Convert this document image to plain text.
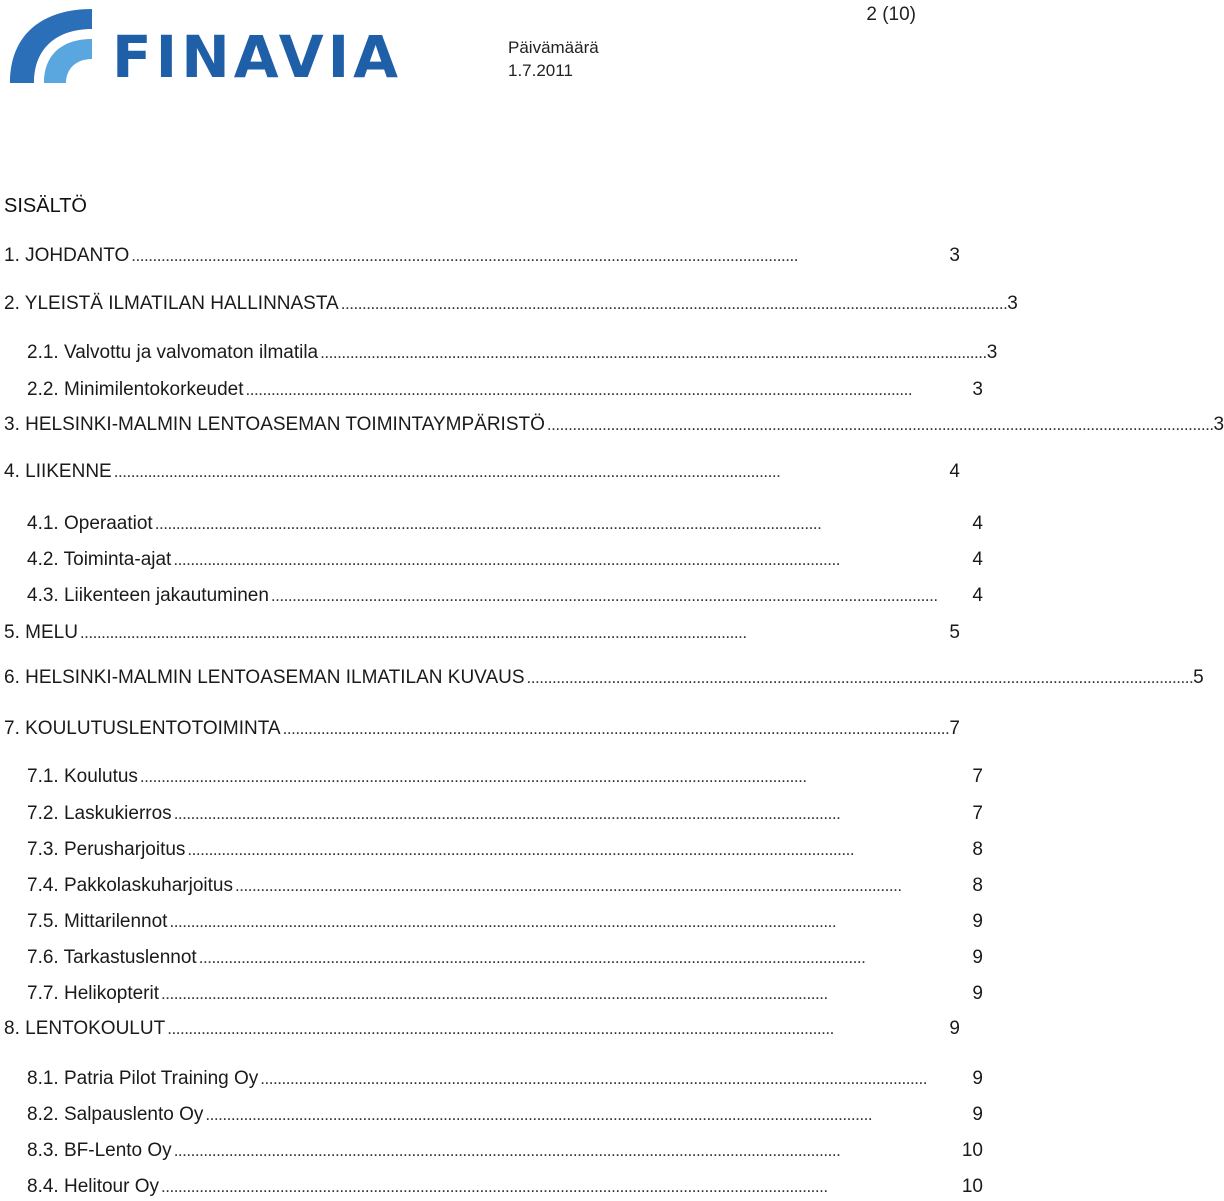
FINAVIA
2 (10)
Päivämäärä
1.7.2011
SISÄLTÖ
1. JOHDANTO . . .	3
2. YLEISTÄ ILMATILAN HALLINNASTA . . .	3
2.1. Valvottu ja valvomaton ilmatila . . .	3
2.2. Minimilentokorkeudet . . .	3
3. HELSINKI-MALMIN LENTOASEMAN TOIMINTAYMPÄRISTÖ . . .	3
4. LIIKENNE . . .	4
4.1. Operaatiot . . .	4
4.2. Toiminta-ajat . . .	4
4.3. Liikenteen jakautuminen . . .	4
5. MELU . . .	5
6. HELSINKI-MALMIN LENTOASEMAN ILMATILAN KUVAUS . . .	5
7. KOULUTUSLENTOTOIMINTA . . .	7
7.1. Koulutus . . .	7
7.2. Laskukierros . . .	7
7.3. Perusharjoitus . . .	8
7.4. Pakkolaskuharjoitus . . .	8
7.5. Mittarilennot . . .	9
7.6. Tarkastuslennot . . .	9
7.7. Helikopterit . . .	9
8. LENTOKOULUT . . .	9
8.1. Patria Pilot Training Oy . . .	9
8.2. Salpauslento Oy . . .	9
8.3. BF-Lento Oy . . .	10
8.4. Helitour Oy . . .	10
